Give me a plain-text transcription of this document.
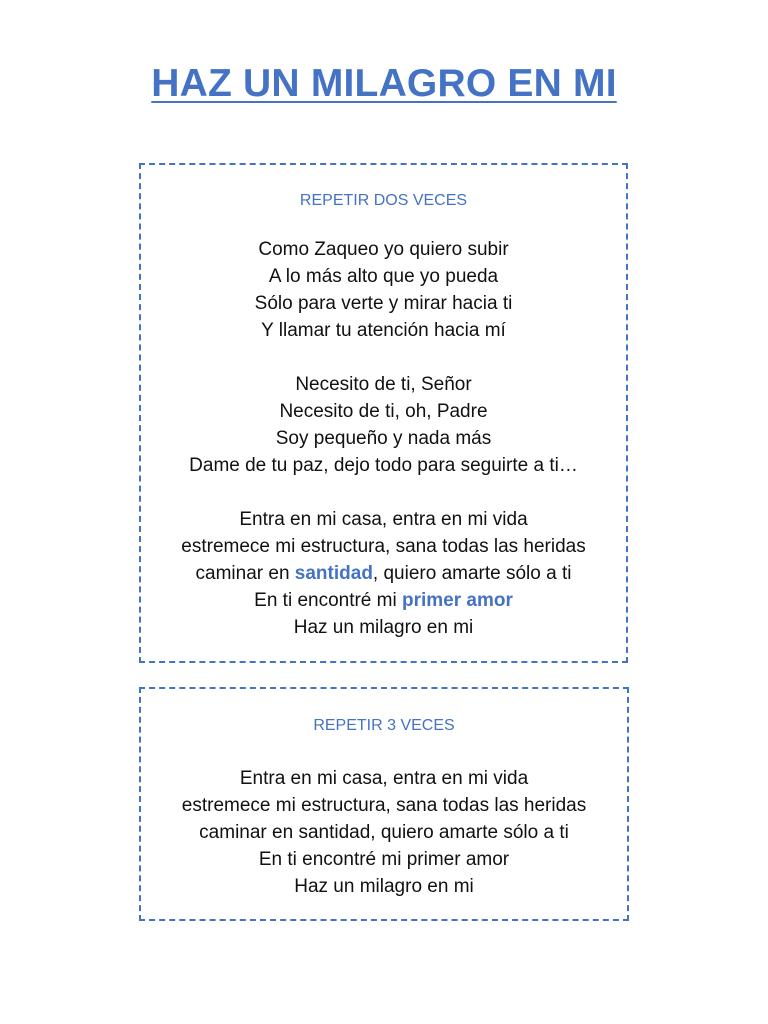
HAZ UN MILAGRO EN MI

REPETIR DOS VECES

Como Zaqueo yo quiero subir
A lo más alto que yo pueda
Sólo para verte y mirar hacia ti
Y llamar tu atención hacia mí
Necesito de ti, Señor
Necesito de ti, oh, Padre
Soy pequeño y nada más
Dame de tu paz, dejo todo para seguirte a ti…
Entra en mi casa, entra en mi vida
estremece mi estructura, sana todas las heridas
caminar en santidad, quiero amarte sólo a ti
En ti encontré mi primer amor
Haz un milagro en mi

REPETIR 3 VECES

Entra en mi casa, entra en mi vida
estremece mi estructura, sana todas las heridas
caminar en santidad, quiero amarte sólo a ti
En ti encontré mi primer amor
Haz un milagro en mi
